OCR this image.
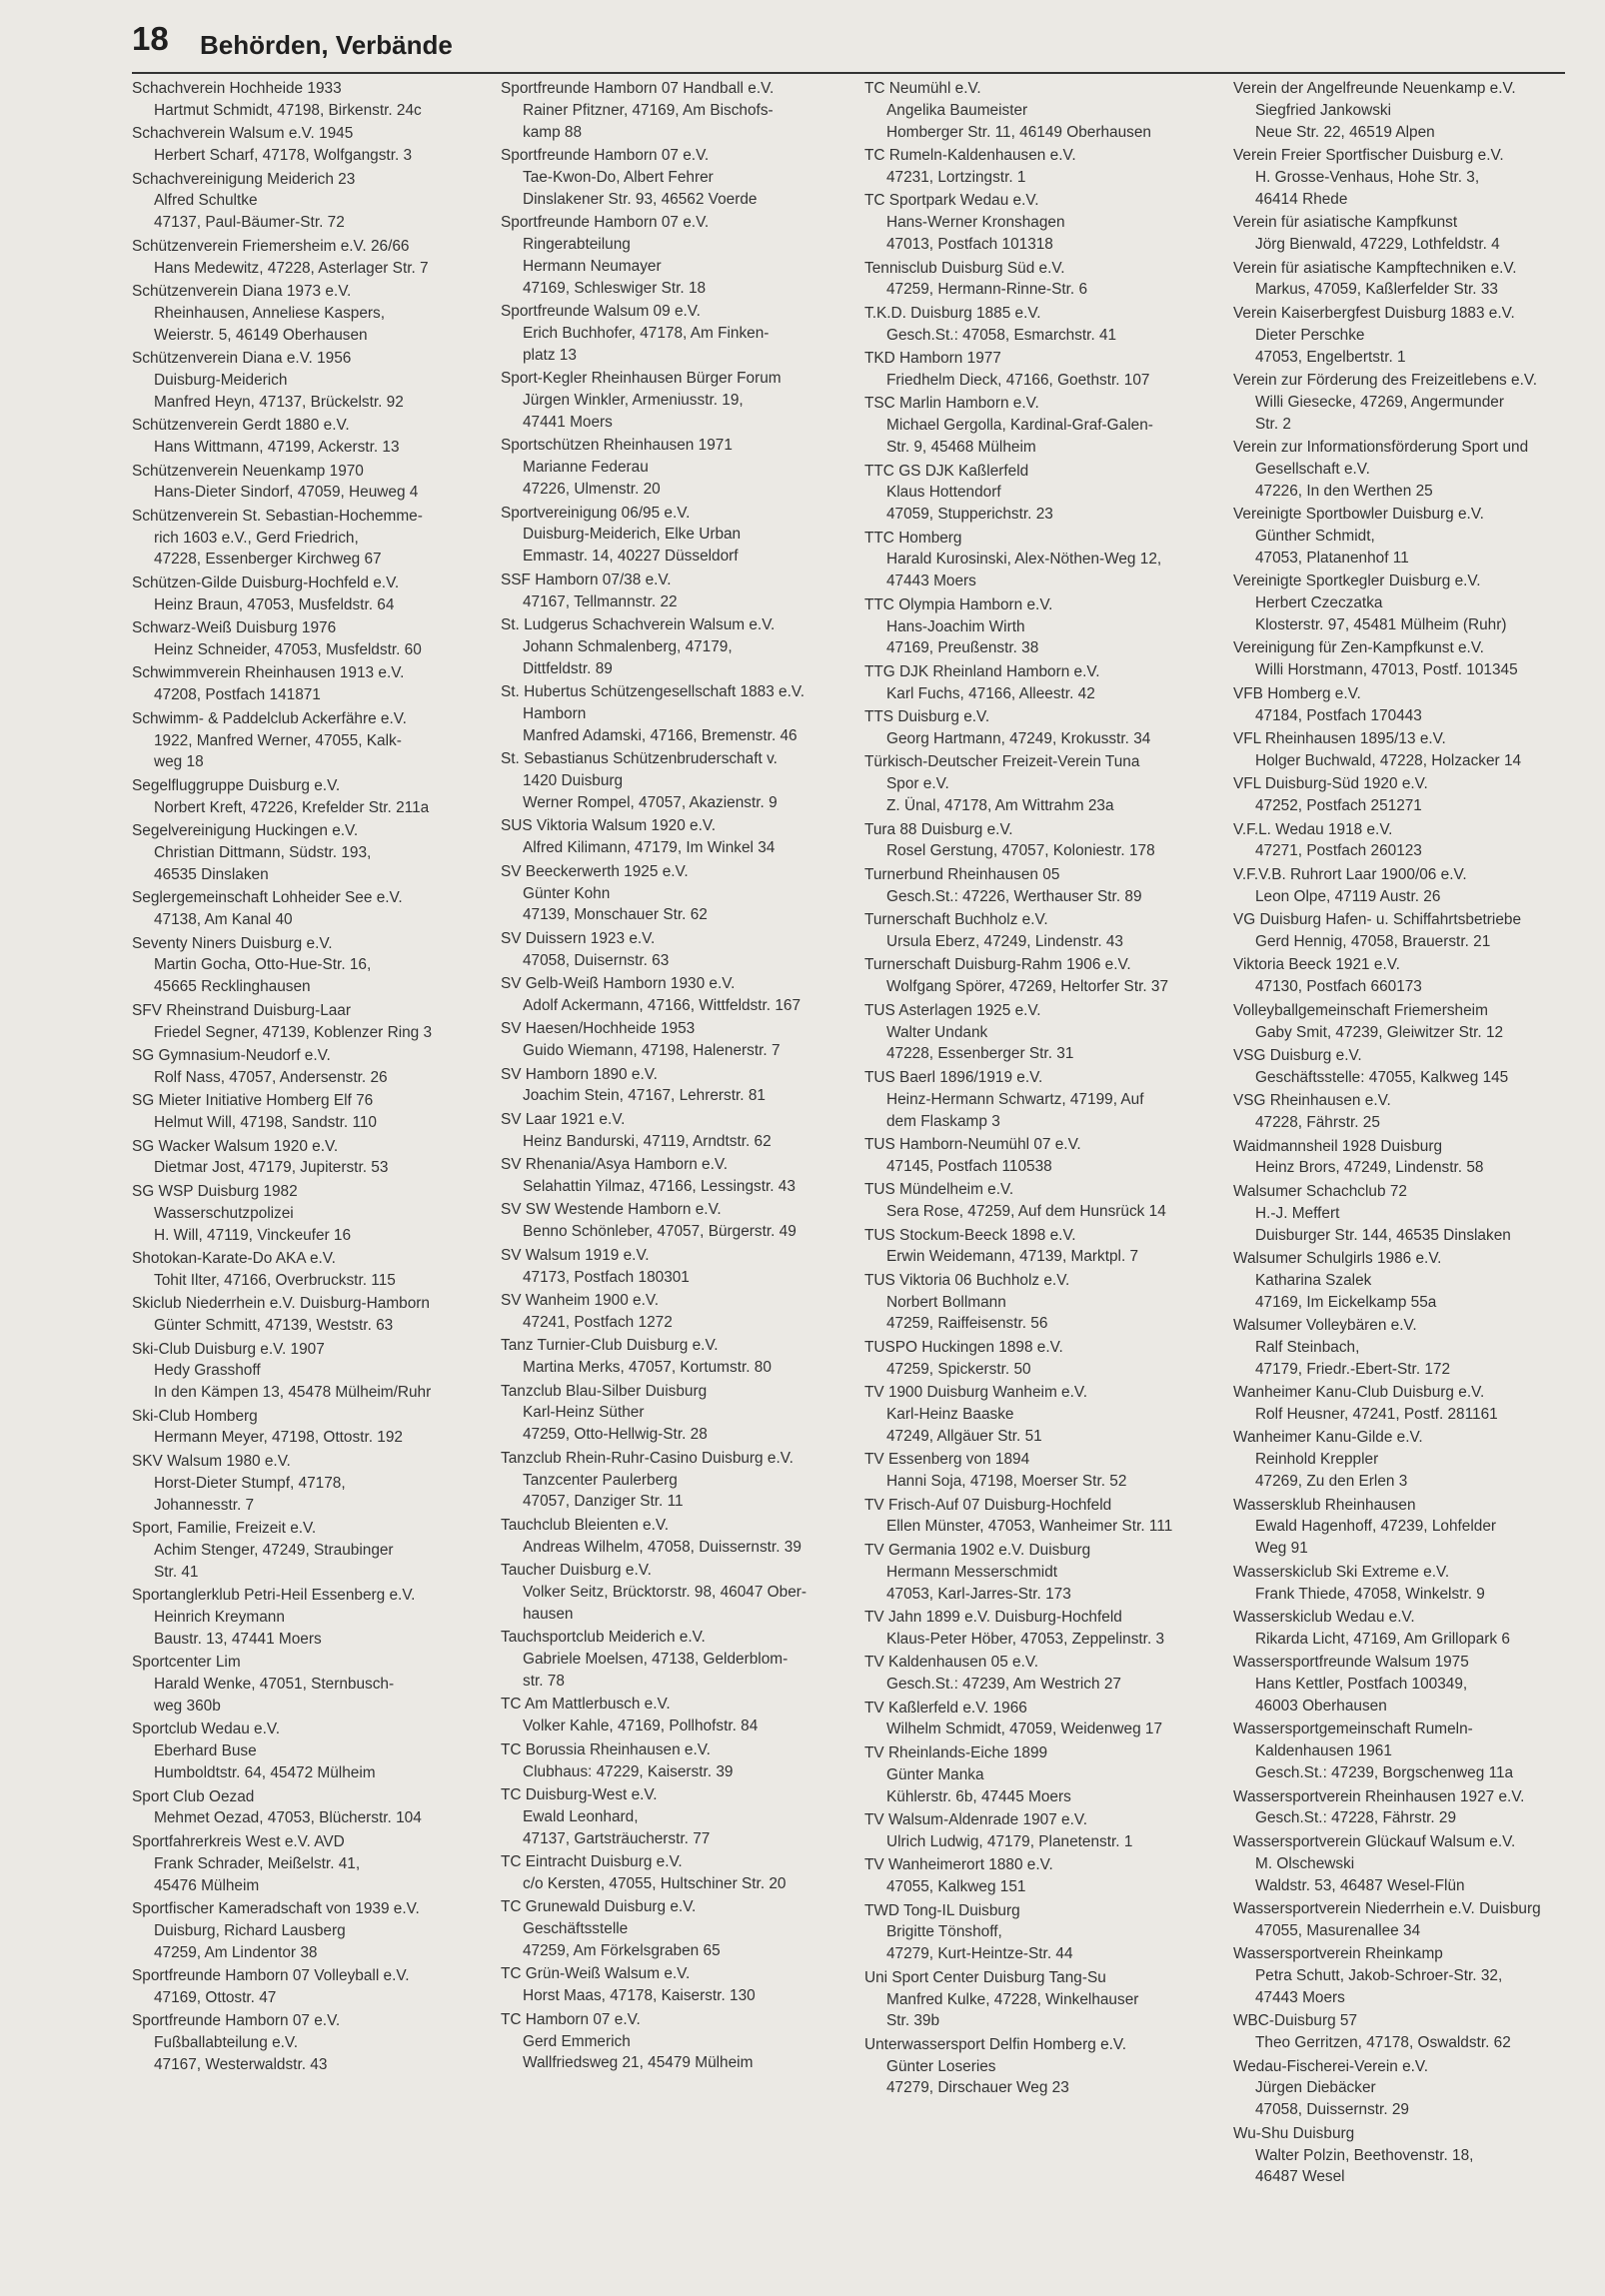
18 Behörden, Verbände
Schachverein Hochheide 1933
Hartmut Schmidt, 47198, Birkenstr. 24c
Schachverein Walsum e.V. 1945
Herbert Scharf, 47178, Wolfgangstr. 3
Schachvereinigung Meiderich 23
Alfred Schultke
47137, Paul-Bäumer-Str. 72
Schützenverein Friemersheim e.V. 26/66
Hans Medewitz, 47228, Asterlager Str. 7
Schützenverein Diana 1973 e.V.
Rheinhausen, Anneliese Kaspers,
Weierstr. 5, 46149 Oberhausen
Schützenverein Diana e.V. 1956
Duisburg-Meiderich
Manfred Heyn, 47137, Brückelstr. 92
Schützenverein Gerdt 1880 e.V.
Hans Wittmann, 47199, Ackerstr. 13
Schützenverein Neuenkamp 1970
Hans-Dieter Sindorf, 47059, Heuweg 4
Schützenverein St. Sebastian-Hochemme-
rich 1603 e.V., Gerd Friedrich,
47228, Essenberger Kirchweg 67
Schützen-Gilde Duisburg-Hochfeld e.V.
Heinz Braun, 47053, Musfeldstr. 64
Schwarz-Weiß Duisburg 1976
Heinz Schneider, 47053, Musfeldstr. 60
Schwimmverein Rheinhausen 1913 e.V.
47208, Postfach 141871
Schwimm- & Paddelclub Ackerfähre e.V.
1922, Manfred Werner, 47055, Kalk-
weg 18
Segelfluggruppe Duisburg e.V.
Norbert Kreft, 47226, Krefelder Str. 211a
Segelvereinigung Huckingen e.V.
Christian Dittmann, Südstr. 193,
46535 Dinslaken
Seglergemeinschaft Lohheider See e.V.
47138, Am Kanal 40
Seventy Niners Duisburg e.V.
Martin Gocha, Otto-Hue-Str. 16,
45665 Recklinghausen
SFV Rheinstrand Duisburg-Laar
Friedel Segner, 47139, Koblenzer Ring 3
SG Gymnasium-Neudorf e.V.
Rolf Nass, 47057, Andersenstr. 26
SG Mieter Initiative Homberg Elf 76
Helmut Will, 47198, Sandstr. 110
SG Wacker Walsum 1920 e.V.
Dietmar Jost, 47179, Jupiterstr. 53
SG WSP Duisburg 1982
Wasserschutzpolizei
H. Will, 47119, Vinckeufer 16
Shotokan-Karate-Do AKA e.V.
Tohit Ilter, 47166, Overbruckstr. 115
Skiclub Niederrhein e.V. Duisburg-Hamborn
Günter Schmitt, 47139, Weststr. 63
Ski-Club Duisburg e.V. 1907
Hedy Grasshoff
In den Kämpen 13, 45478 Mülheim/Ruhr
Ski-Club Homberg
Hermann Meyer, 47198, Ottostr. 192
SKV Walsum 1980 e.V.
Horst-Dieter Stumpf, 47178,
Johannesstr. 7
Sport, Familie, Freizeit e.V.
Achim Stenger, 47249, Straubinger
Str. 41
Sportanglerklub Petri-Heil Essenberg e.V.
Heinrich Kreymann
Baustr. 13, 47441 Moers
Sportcenter Lim
Harald Wenke, 47051, Sternbusch-
weg 360b
Sportclub Wedau e.V.
Eberhard Buse
Humboldtstr. 64, 45472 Mülheim
Sport Club Oezad
Mehmet Oezad, 47053, Blücherstr. 104
Sportfahrerkreis West e.V. AVD
Frank Schrader, Meißelstr. 41,
45476 Mülheim
Sportfischer Kameradschaft von 1939 e.V.
Duisburg, Richard Lausberg
47259, Am Lindentor 38
Sportfreunde Hamborn 07 Volleyball e.V.
47169, Ottostr. 47
Sportfreunde Hamborn 07 e.V.
Fußballabteilung e.V.
47167, Westerwaldstr. 43
Sportfreunde Hamborn 07 Handball e.V.
Rainer Pfitzner, 47169, Am Bischofs-
kamp 88
Sportfreunde Hamborn 07 e.V.
Tae-Kwon-Do, Albert Fehrer
Dinslakener Str. 93, 46562 Voerde
Sportfreunde Hamborn 07 e.V.
Ringerabteilung
Hermann Neumayer
47169, Schleswiger Str. 18
Sportfreunde Walsum 09 e.V.
Erich Buchhofer, 47178, Am Finken-
platz 13
Sport-Kegler Rheinhausen Bürger Forum
Jürgen Winkler, Armeniusstr. 19,
47441 Moers
Sportschützen Rheinhausen 1971
Marianne Federau
47226, Ulmenstr. 20
Sportvereinigung 06/95 e.V.
Duisburg-Meiderich, Elke Urban
Emmastr. 14, 40227 Düsseldorf
SSF Hamborn 07/38 e.V.
47167, Tellmannstr. 22
St. Ludgerus Schachverein Walsum e.V.
Johann Schmalenberg, 47179,
Dittfeldstr. 89
St. Hubertus Schützengesellschaft 1883 e.V.
Hamborn
Manfred Adamski, 47166, Bremenstr. 46
St. Sebastianus Schützenbruderschaft v.
1420 Duisburg
Werner Rompel, 47057, Akazienstr. 9
SUS Viktoria Walsum 1920 e.V.
Alfred Kilimann, 47179, Im Winkel 34
SV Beeckerwerth 1925 e.V.
Günter Kohn
47139, Monschauer Str. 62
SV Duissern 1923 e.V.
47058, Duisernstr. 63
SV Gelb-Weiß Hamborn 1930 e.V.
Adolf Ackermann, 47166, Wittfeldstr. 167
SV Haesen/Hochheide 1953
Guido Wiemann, 47198, Halenerstr. 7
SV Hamborn 1890 e.V.
Joachim Stein, 47167, Lehrerstr. 81
SV Laar 1921 e.V.
Heinz Bandurski, 47119, Arndtstr. 62
SV Rhenania/Asya Hamborn e.V.
Selahattin Yilmaz, 47166, Lessingstr. 43
SV SW Westende Hamborn e.V.
Benno Schönleber, 47057, Bürgerstr. 49
SV Walsum 1919 e.V.
47173, Postfach 180301
SV Wanheim 1900 e.V.
47241, Postfach 1272
Tanz Turnier-Club Duisburg e.V.
Martina Merks, 47057, Kortumstr. 80
Tanzclub Blau-Silber Duisburg
Karl-Heinz Süther
47259, Otto-Hellwig-Str. 28
Tanzclub Rhein-Ruhr-Casino Duisburg e.V.
Tanzcenter Paulerberg
47057, Danziger Str. 11
Tauchclub Bleienten e.V.
Andreas Wilhelm, 47058, Duissernstr. 39
Taucher Duisburg e.V.
Volker Seitz, Brücktorstr. 98, 46047 Ober-
hausen
Tauchsportclub Meiderich e.V.
Gabriele Moelsen, 47138, Gelderblom-
str. 78
TC Am Mattlerbusch e.V.
Volker Kahle, 47169, Pollhofstr. 84
TC Borussia Rheinhausen e.V.
Clubhaus: 47229, Kaiserstr. 39
TC Duisburg-West e.V.
Ewald Leonhard,
47137, Gartsträucherstr. 77
TC Eintracht Duisburg e.V.
c/o Kersten, 47055, Hultschiner Str. 20
TC Grunewald Duisburg e.V.
Geschäftsstelle
47259, Am Förkelsgraben 65
TC Grün-Weiß Walsum e.V.
Horst Maas, 47178, Kaiserstr. 130
TC Hamborn 07 e.V.
Gerd Emmerich
Wallfriedsweg 21, 45479 Mülheim
TC Neumühl e.V.
Angelika Baumeister
Homberger Str. 11, 46149 Oberhausen
TC Rumeln-Kaldenhausen e.V.
47231, Lortzingstr. 1
TC Sportpark Wedau e.V.
Hans-Werner Kronshagen
47013, Postfach 101318
Tennisclub Duisburg Süd e.V.
47259, Hermann-Rinne-Str. 6
T.K.D. Duisburg 1885 e.V.
Gesch.St.: 47058, Esmarchstr. 41
TKD Hamborn 1977
Friedhelm Dieck, 47166, Goethstr. 107
TSC Marlin Hamborn e.V.
Michael Gergolla, Kardinal-Graf-Galen-
Str. 9, 45468 Mülheim
TTC GS DJK Kaßlerfeld
Klaus Hottendorf
47059, Stupperichstr. 23
TTC Homberg
Harald Kurosinski, Alex-Nöthen-Weg 12,
47443 Moers
TTC Olympia Hamborn e.V.
Hans-Joachim Wirth
47169, Preußenstr. 38
TTG DJK Rheinland Hamborn e.V.
Karl Fuchs, 47166, Alleestr. 42
TTS Duisburg e.V.
Georg Hartmann, 47249, Krokusstr. 34
Türkisch-Deutscher Freizeit-Verein Tuna
Spor e.V.
Z. Ünal, 47178, Am Wittrahm 23a
Tura 88 Duisburg e.V.
Rosel Gerstung, 47057, Koloniestr. 178
Turnerbund Rheinhausen 05
Gesch.St.: 47226, Werthauser Str. 89
Turnerschaft Buchholz e.V.
Ursula Eberz, 47249, Lindenstr. 43
Turnerschaft Duisburg-Rahm 1906 e.V.
Wolfgang Spörer, 47269, Heltorfer Str. 37
TUS Asterlagen 1925 e.V.
Walter Undank
47228, Essenberger Str. 31
TUS Baerl 1896/1919 e.V.
Heinz-Hermann Schwartz, 47199, Auf
dem Flaskamp 3
TUS Hamborn-Neumühl 07 e.V.
47145, Postfach 110538
TUS Mündelheim e.V.
Sera Rose, 47259, Auf dem Hunsrück 14
TUS Stockum-Beeck 1898 e.V.
Erwin Weidemann, 47139, Marktpl. 7
TUS Viktoria 06 Buchholz e.V.
Norbert Bollmann
47259, Raiffeisenstr. 56
TUSPO Huckingen 1898 e.V.
47259, Spickerstr. 50
TV 1900 Duisburg Wanheim e.V.
Karl-Heinz Baaske
47249, Allgäuer Str. 51
TV Essenberg von 1894
Hanni Soja, 47198, Moerser Str. 52
TV Frisch-Auf 07 Duisburg-Hochfeld
Ellen Münster, 47053, Wanheimer Str. 111
TV Germania 1902 e.V. Duisburg
Hermann Messerschmidt
47053, Karl-Jarres-Str. 173
TV Jahn 1899 e.V. Duisburg-Hochfeld
Klaus-Peter Höber, 47053, Zeppelinstr. 3
TV Kaldenhausen 05 e.V.
Gesch.St.: 47239, Am Westrich 27
TV Kaßlerfeld e.V. 1966
Wilhelm Schmidt, 47059, Weidenweg 17
TV Rheinlands-Eiche 1899
Günter Manka
Kühlerstr. 6b, 47445 Moers
TV Walsum-Aldenrade 1907 e.V.
Ulrich Ludwig, 47179, Planetenstr. 1
TV Wanheimerort 1880 e.V.
47055, Kalkweg 151
TWD Tong-IL Duisburg
Brigitte Tönshoff,
47279, Kurt-Heintze-Str. 44
Uni Sport Center Duisburg Tang-Su
Manfred Kulke, 47228, Winkelhauser
Str. 39b
Unterwassersport Delfin Homberg e.V.
Günter Loseries
47279, Dirschauer Weg 23
Verein der Angelfreunde Neuenkamp e.V.
Siegfried Jankowski
Neue Str. 22, 46519 Alpen
Verein Freier Sportfischer Duisburg e.V.
H. Grosse-Venhaus, Hohe Str. 3,
46414 Rhede
Verein für asiatische Kampfkunst
Jörg Bienwald, 47229, Lothfeldstr. 4
Verein für asiatische Kampftechniken e.V.
Markus, 47059, Kaßlerfelder Str. 33
Verein Kaiserbergfest Duisburg 1883 e.V.
Dieter Perschke
47053, Engelbertstr. 1
Verein zur Förderung des Freizeitlebens e.V.
Willi Giesecke, 47269, Angermunder
Str. 2
Verein zur Informationsförderung Sport und
Gesellschaft e.V.
47226, In den Werthen 25
Vereinigte Sportbowler Duisburg e.V.
Günther Schmidt,
47053, Platanenhof 11
Vereinigte Sportkegler Duisburg e.V.
Herbert Czeczatka
Klosterstr. 97, 45481 Mülheim (Ruhr)
Vereinigung für Zen-Kampfkunst e.V.
Willi Horstmann, 47013, Postf. 101345
VFB Homberg e.V.
47184, Postfach 170443
VFL Rheinhausen 1895/13 e.V.
Holger Buchwald, 47228, Holzacker 14
VFL Duisburg-Süd 1920 e.V.
47252, Postfach 251271
V.F.L. Wedau 1918 e.V.
47271, Postfach 260123
V.F.V.B. Ruhrort Laar 1900/06 e.V.
Leon Olpe, 47119 Austr. 26
VG Duisburg Hafen- u. Schiffahrtsbetriebe
Gerd Hennig, 47058, Brauerstr. 21
Viktoria Beeck 1921 e.V.
47130, Postfach 660173
Volleyballgemeinschaft Friemersheim
Gaby Smit, 47239, Gleiwitzer Str. 12
VSG Duisburg e.V.
Geschäftsstelle: 47055, Kalkweg 145
VSG Rheinhausen e.V.
47228, Fährstr. 25
Waidmannsheil 1928 Duisburg
Heinz Brors, 47249, Lindenstr. 58
Walsumer Schachclub 72
H.-J. Meffert
Duisburger Str. 144, 46535 Dinslaken
Walsumer Schulgirls 1986 e.V.
Katharina Szalek
47169, Im Eickelkamp 55a
Walsumer Volleybären e.V.
Ralf Steinbach,
47179, Friedr.-Ebert-Str. 172
Wanheimer Kanu-Club Duisburg e.V.
Rolf Heusner, 47241, Postf. 281161
Wanheimer Kanu-Gilde e.V.
Reinhold Kreppler
47269, Zu den Erlen 3
Wassersklub Rheinhausen
Ewald Hagenhoff, 47239, Lohfelder
Weg 91
Wasserskiclub Ski Extreme e.V.
Frank Thiede, 47058, Winkelstr. 9
Wasserskiclub Wedau e.V.
Rikarda Licht, 47169, Am Grillopark 6
Wassersportfreunde Walsum 1975
Hans Kettler, Postfach 100349,
46003 Oberhausen
Wassersportgemeinschaft Rumeln-
Kaldenhausen 1961
Gesch.St.: 47239, Borgschenweg 11a
Wassersportverein Rheinhausen 1927 e.V.
Gesch.St.: 47228, Fährstr. 29
Wassersportverein Glückauf Walsum e.V.
M. Olschewski
Waldstr. 53, 46487 Wesel-Flün
Wassersportverein Niederrhein e.V. Duisburg
47055, Masurenallee 34
Wassersportverein Rheinkamp
Petra Schutt, Jakob-Schroer-Str. 32,
47443 Moers
WBC-Duisburg 57
Theo Gerritzen, 47178, Oswaldstr. 62
Wedau-Fischerei-Verein e.V.
Jürgen Diebäcker
47058, Duissernstr. 29
Wu-Shu Duisburg
Walter Polzin, Beethovenstr. 18,
46487 Wesel
